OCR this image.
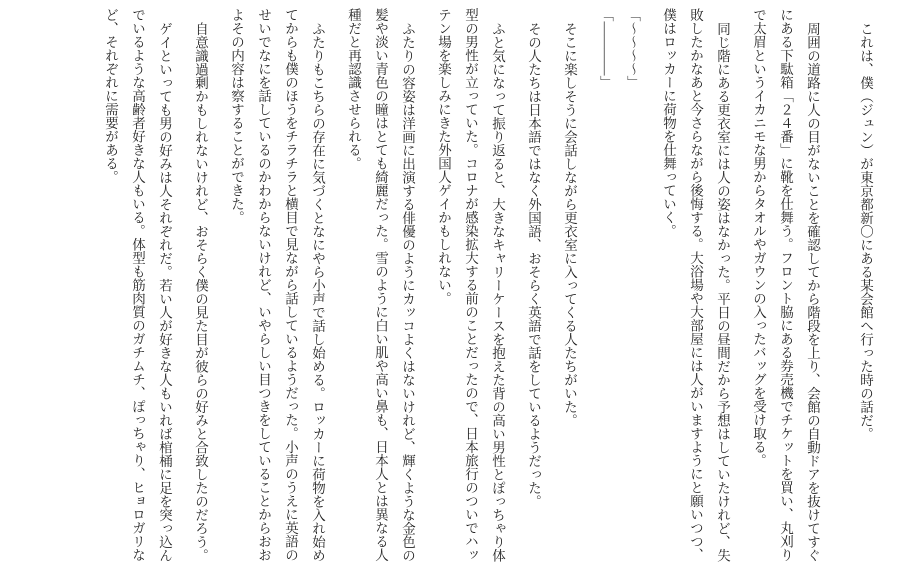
これは、僕（ジュン）が東京都新〇にある某会館へ行った時の話だ。

周囲の道路に人の目がないことを確認してから階段を上り、会館の自動ドアを抜けてすぐにある下駄箱「２４番」に靴を仕舞う。フロント脇にある券売機でチケットを買い、丸刈りで太眉というイカニモな男からタオルやガウンの入ったバッグを受け取る。

同じ階にある更衣室には人の姿はなかった。平日の昼間だから予想はしていたけれど、失敗したかなあと今さらながら後悔する。大浴場や大部屋には人がいますようにと願いつつ、僕はロッカーに荷物を仕舞っていく。

「〜〜〜〜」

「――――」

そこに楽しそうに会話しながら更衣室に入ってくる人たちがいた。

その人たちは日本語ではなく外国語、おそらく英語で話をしているようだった。

ふと気になって振り返ると、大きなキャリーケースを抱えた背の高い男性とぽっちゃり体型の男性が立っていた。コロナが感染拡大する前のことだったので、日本旅行のついでハッテン場を楽しみにきた外国人ゲイかもしれない。

ふたりの容姿は洋画に出演する俳優のようにカッコよくはないけれど、輝くような金色の髪や淡い青色の瞳はとても綺麗だった。雪のように白い肌や高い鼻も、日本人とは異なる人種だと再認識させられる。

ふたりもこちらの存在に気づくとなにやら小声で話し始める。ロッカーに荷物を入れ始めてからも僕のほうをチラチラと横目で見ながら話しているようだった。小声のうえに英語のせいでなにを話しているのかわからないけれど、いやらしい目つきをしていることからおおよその内容は察することができた。

自意識過剰かもしれないけれど、おそらく僕の見た目が彼らの好みと合致したのだろう。

ゲイといっても男の好みは人それぞれだ。若い人が好きな人もいれば棺桶に足を突っ込んでいるような高齢者好きな人もいる。体型も筋肉質のガチムチ、ぽっちゃり、ヒョロガリなど、それぞれに需要がある。
